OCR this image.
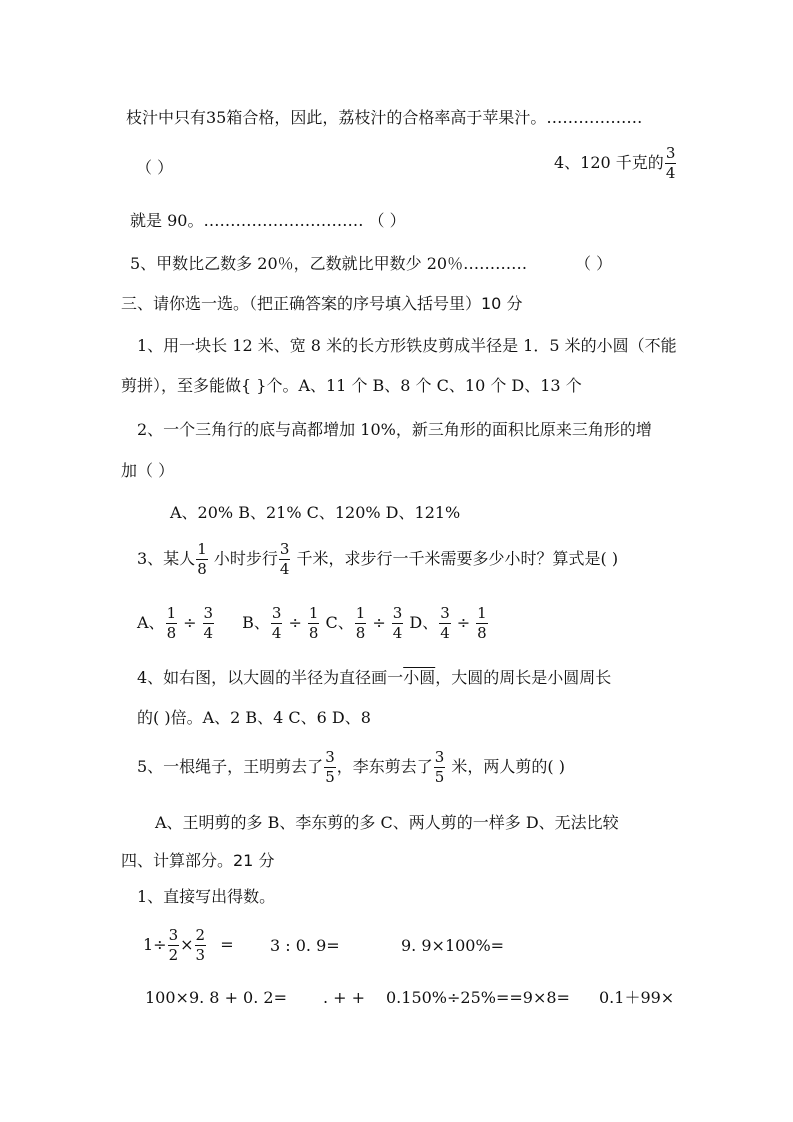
枝汁中只有35箱合格，因此，荔枝汁的合格率高于苹果汁。………………
（ ）	4、120 千克的 $\frac{3}{4}$
就是 90。………………………… （ ）
5、甲数比乙数多 20％，乙数就比甲数少 20％…………	（ ）
三、请你选一选。（把正确答案的序号填入括号里）10 分
1、用一块长 12 米、宽 8 米的长方形铁皮剪成半径是 1．5 米的小圆（不能
剪拼），至多能做{ }个。A、11 个 B、8 个 C、10 个 D、13 个
2、一个三角行的底与高都增加 10%，新三角形的面积比原来三角形的增
加（ ）
A、20% B、21% C、120% D、121%
3、某人 $\frac{1}{8}$ 小时步行 $\frac{3}{4}$ 千米，求步行一千米需要多少小时？算式是( )
A、 $\frac{1}{8} \div \frac{3}{4}$ B、 $\frac{3}{4} \div \frac{1}{8}$ C、 $\frac{1}{8} \div \frac{3}{4}$ D、 $\frac{3}{4} \div \frac{1}{8}$
4、如右图，以大圆的半径为直径画一小圆，大圆的周长是小圆周长
的( )倍。A、2 B、4 C、6 D、8
5、一根绳子，王明剪去了 $\frac{3}{5}$ ，李东剪去了 $\frac{3}{5}$ 米，两人剪的( )
A、王明剪的多 B、李东剪的多 C、两人剪的一样多 D、无法比较
四、计算部分。21 分
1、直接写出得数。
$1\div \frac{3}{2} \times \frac{2}{3} = 3$ : 0. 9=	9. 9×100%=
100×9. 8 + 0. 2= . + + 0.150%÷25%==9×8= 0.1＋99×
